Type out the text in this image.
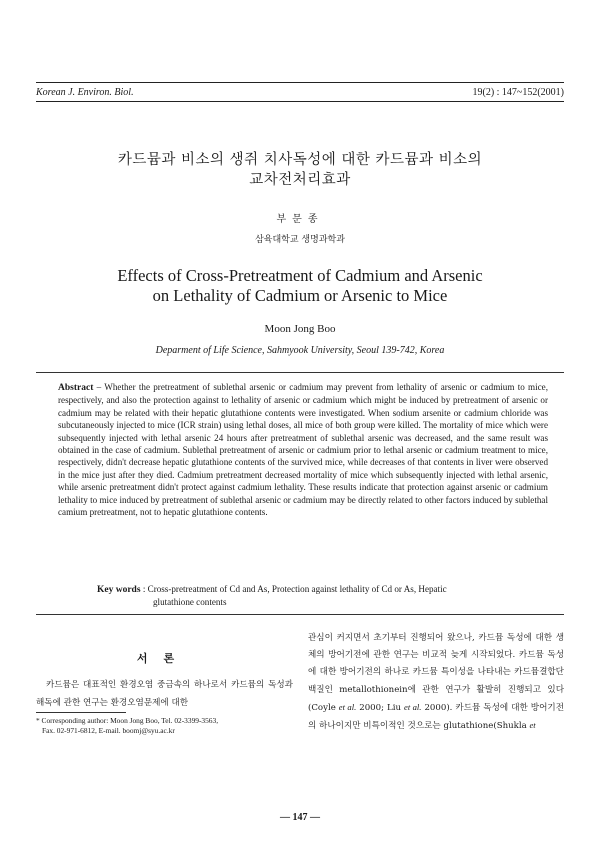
Korean J. Environ. Biol.	19(2) : 147~152(2001)
카드뮴과 비소의 생쥐 치사독성에 대한 카드뮴과 비소의
교차전처리효과
부문종
삼육대학교 생명과학과
Effects of Cross-Pretreatment of Cadmium and Arsenic
on Lethality of Cadmium or Arsenic to Mice
Moon Jong Boo
Deparment of Life Science, Sahmyook University, Seoul 139-742, Korea
Abstract – Whether the pretreatment of sublethal arsenic or cadmium may prevent from lethality of arsenic or cadmium to mice, respectively, and also the protection against to lethality of arsenic or cadmium which might be induced by pretreatment of arsenic or cadmium may be related with their hepatic glutathione contents were investigated. When sodium arsenite or cadmium chloride was subcutaneously injected to mice (ICR strain) using lethal doses, all mice of both group were killed. The mortality of mice which were subsequently injected with lethal arsenic 24 hours after pretreatment of sublethal arsenic was decreased, and the same result was obtained in the case of cadmium. Sublethal pretreatment of arsenic or cadmium prior to lethal arsenic or cadmium treatment to mice, respectively, didn't decrease hepatic glutathione contents of the survived mice, while decreases of that contents in liver were observed in the mice just after they died. Cadmium pretreatment decreased mortality of mice which subsequently injected with lethal arsenic, while arsenic pretreatment didn't protect against cadmium lethality. These results indicate that protection against arsenic or cadmium lethality to mice induced by pretreatment of sublethal arsenic or cadmium may be directly related to other factors induced by sublethal camium pretreatment, not to hepatic glutathione contents.
Key words : Cross-pretreatment of Cd and As, Protection against lethality of Cd or As, Hepatic
glutathione contents
서론
카드뮴은 대표적인 환경오염 중금속의 하나로서 카드뮴의 독성과 해독에 관한 연구는 환경오염문제에 대한
* Corresponding author: Moon Jong Boo, Tel. 02-3399-3563,
Fax. 02-971-6812, E-mail. boomj@syu.ac.kr
관심이 커지면서 초기부터 진행되어 왔으나, 카드뮴 독성에 대한 생체의 방어기전에 관한 연구는 비교적 늦게 시작되었다. 카드뮴 독성에 대한 방어기전의 하나로 카드뮴 특이성을 나타내는 카드뮴결합단백질인 metallothionein에 관한 연구가 활발히 진행되고 있다(Coyle et al. 2000; Liu et al. 2000). 카드뮴 독성에 대한 방어기전의 하나이지만 비특이적인 것으로는 glutathione(Shukla et
— 147 —
